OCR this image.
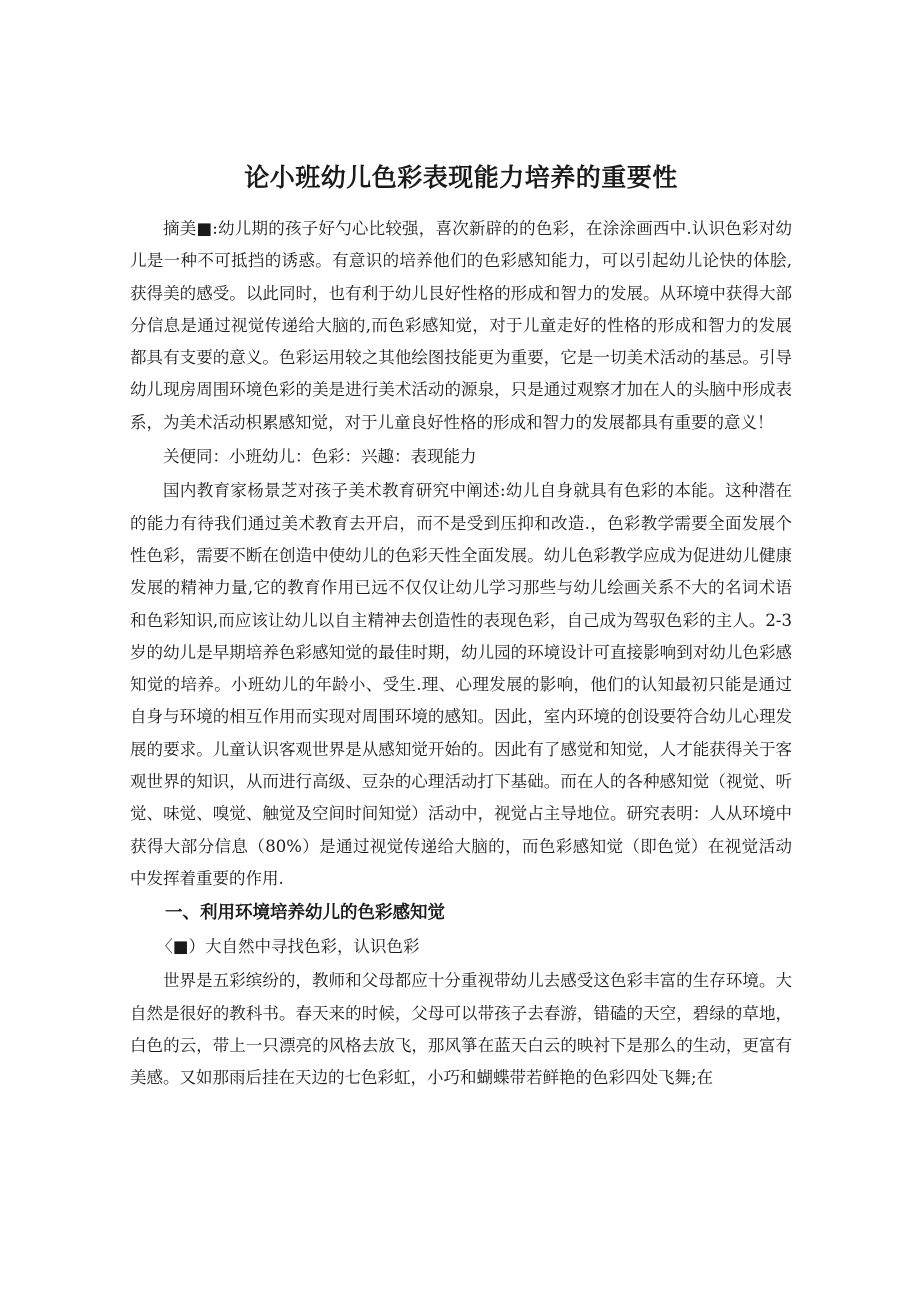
论小班幼儿色彩表现能力培养的重要性

摘美■:幼儿期的孩子好勺心比较强，喜次新辟的的色彩，在涂涂画西中.认识色彩对幼儿是一种不可抵挡的诱惑。有意识的培养他们的色彩感知能力，可以引起幼儿论快的体脍,获得美的感受。以此同时，也有利于幼儿艮好性格的形成和智力的发展。从环境中获得大部分信息是通过视觉传递给大脑的,而色彩感知觉，对于儿童走好的性格的形成和智力的发展都具有支要的意义。色彩运用较之其他绘图技能更为重要，它是一切美术活动的基忌。引导幼儿现房周围环境色彩的美是进行美术活动的源泉，只是通过观察才加在人的头脑中形成表系，为美术活动枳累感知觉，对于儿童良好性格的形成和智力的发展都具有重要的意义！

关便同：小班幼儿：色彩：兴趣：表现能力

国内教育家杨景芝对孩子美术教育研究中阐述:幼儿自身就具有色彩的本能。这种潜在的能力有待我们通过美术教育去开启，而不是受到压抑和改造.，色彩教学需要全面发展个性色彩，需要不断在创造中使幼儿的色彩天性全面发展。幼儿色彩教学应成为促进幼儿健康发展的精神力量,它的教育作用已远不仅仅让幼儿学习那些与幼儿绘画关系不大的名词术语和色彩知识,而应该让幼儿以自主精神去创造性的表现色彩，自己成为驾驭色彩的主人。2-3岁的幼儿是早期培养色彩感知觉的最佳时期，幼儿园的环境设计可直接影响到对幼儿色彩感知觉的培养。小班幼儿的年龄小、受生.理、心理发展的影响，他们的认知最初只能是通过自身与环境的相互作用而实现对周围环境的感知。因此，室内环境的创设要符合幼儿心理发展的要求。儿童认识客观世界是从感知觉开始的。因此有了感觉和知觉，人才能获得关于客观世界的知识，从而进行高级、豆杂的心理活动打下基础。而在人的各种感知觉（视觉、听觉、味觉、嗅觉、触觉及空间时间知觉）活动中，视觉占主导地位。研究表明：人从环境中获得大部分信息（80%）是通过视觉传递给大脑的，而色彩感知觉（即色觉）在视觉活动中发挥着重要的作用.

一、利用环境培养幼儿的色彩感知觉
〈■）大自然中寻找色彩，认识色彩

世界是五彩缤纷的，教师和父母都应十分重视带幼儿去感受这色彩丰富的生存环境。大自然是很好的教科书。春天来的时候，父母可以带孩子去春游，错磕的天空，碧绿的草地，白色的云，带上一只漂亮的风格去放飞，那风箏在蓝天白云的映衬下是那么的生动，更富有美感。又如那雨后挂在天边的七色彩虹，小巧和蝴蝶带若鲜艳的色彩四处飞舞;在
